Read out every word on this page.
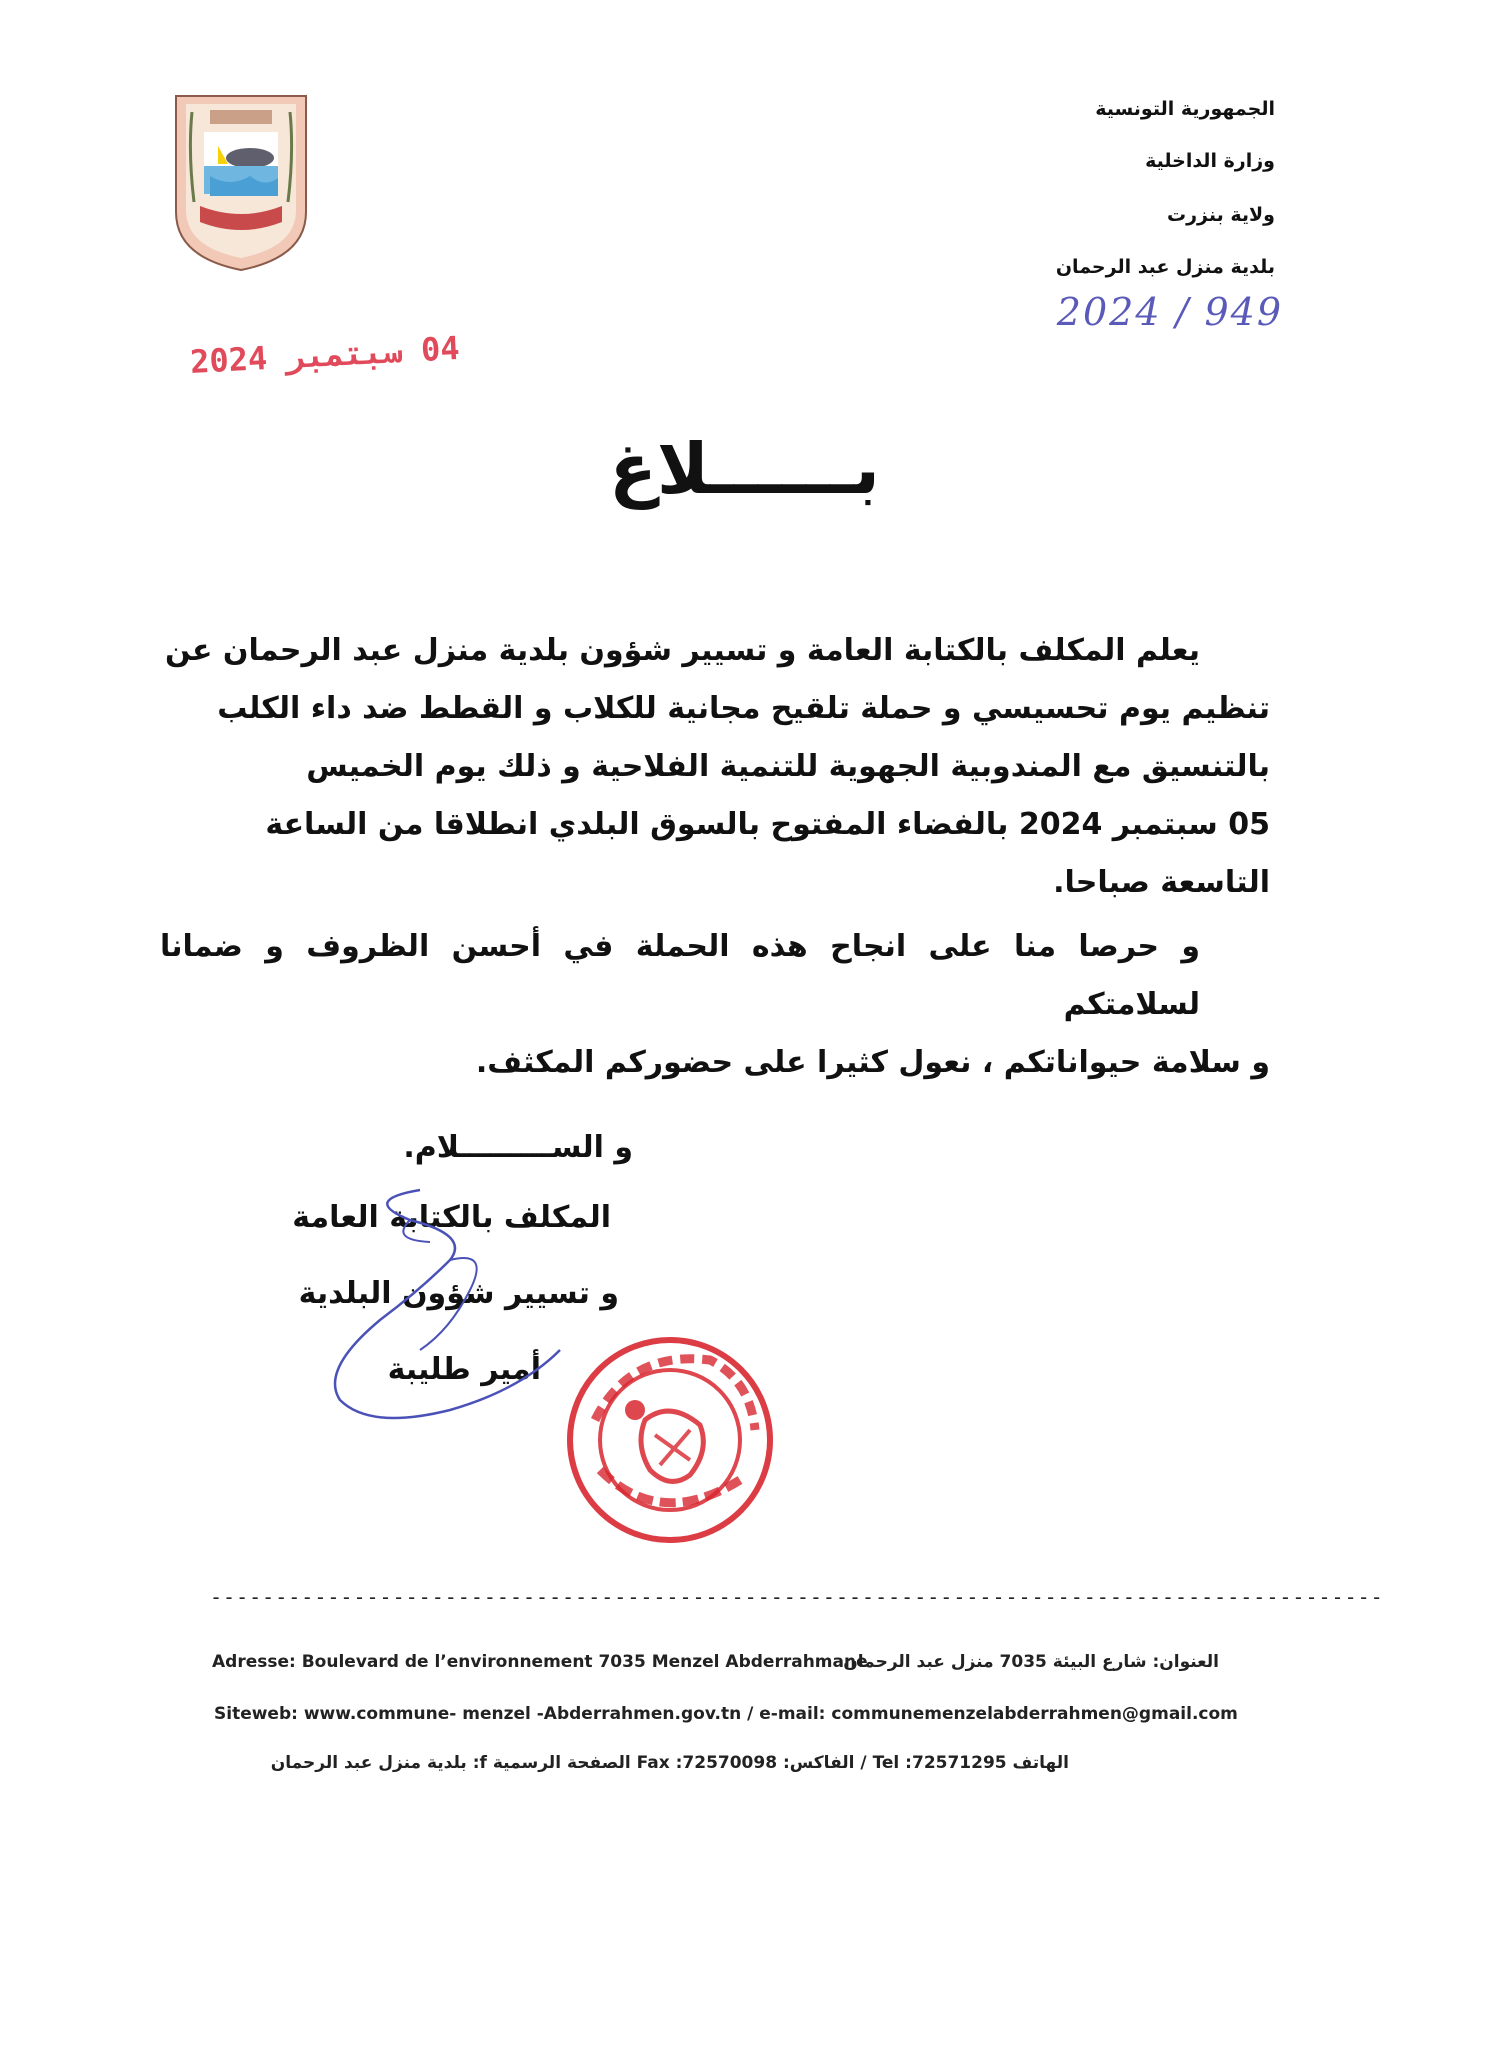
الجمهورية التونسية
وزارة الداخلية
ولاية بنزرت
بلدية منزل عبد الرحمان
2024 / 949
04 سبتمبر 2024
بــــــلاغ
يعلم المكلف بالكتابة العامة و تسيير شؤون بلدية منزل عبد الرحمان عن
تنظيم يوم تحسيسي و حملة تلقيح مجانية للكلاب و القطط ضد داء الكلب
بالتنسيق مع المندوبية الجهوية للتنمية الفلاحية و ذلك يوم الخميس
05 سبتمبر 2024 بالفضاء المفتوح بالسوق البلدي انطلاقا من الساعة
التاسعة صباحا.
و حرصا منا على انجاح هذه الحملة في أحسن الظروف و ضمانا لسلامتكم
و سلامة حيواناتكم ، نعول كثيرا على حضوركم المكثف.
و الســـــــــلام.
المكلف بالكتابة العامة
و تسيير شؤون البلدية
أمير طليبة
------------------------------------------------------------------------------------------
Adresse: Boulevard de l’environnement 7035 Menzel Abderrahmane
العنوان: شارع البيئة 7035 منزل عبد الرحمان
Siteweb: www.commune- menzel -Abderrahmen.gov.tn / e-mail: communemenzelabderrahmen@gmail.com
الهاتف 72571295: Tel / الفاكس: 72570098: Fax الصفحة الرسمية f: بلدية منزل عبد الرحمان
